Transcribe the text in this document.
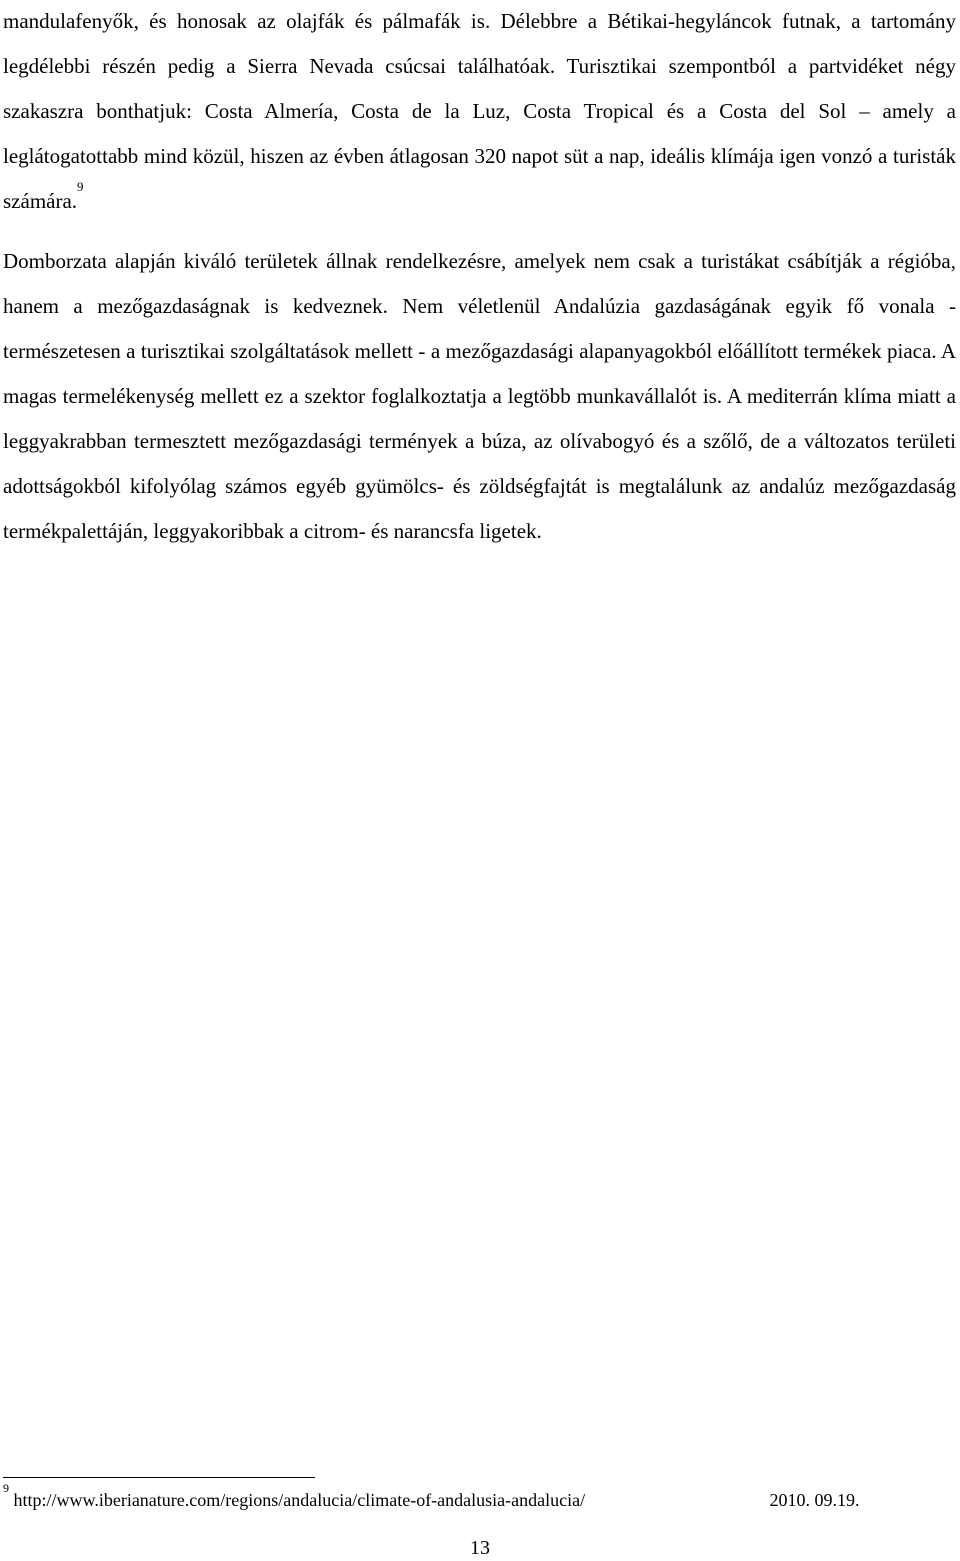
mandulafenyők, és honosak az olajfák és pálmafák is. Délebbre a Bétikai-hegyláncok futnak, a tartomány legdélebbi részén pedig a Sierra Nevada csúcsai találhatóak. Turisztikai szempontból a partvidéket négy szakaszra bonthatjuk: Costa Almería, Costa de la Luz, Costa Tropical és a Costa del Sol – amely a leglátogatottabb mind közül, hiszen az évben átlagosan 320 napot süt a nap, ideális klímája igen vonzó a turisták számára.$^9$

Domborzata alapján kiváló területek állnak rendelkezésre, amelyek nem csak a turistákat csábítják a régióba, hanem a mezőgazdaságnak is kedveznek. Nem véletlenül Andalúzia gazdaságának egyik fő vonala - természetesen a turisztikai szolgáltatások mellett - a mezőgazdasági alapanyagokból előállított termékek piaca. A magas termelékenység mellett ez a szektor foglalkoztatja a legtöbb munkavállalót is. A mediterrán klíma miatt a leggyakrabban termesztett mezőgazdasági termények a búza, az olívabogyó és a szőlő, de a változatos területi adottságokból kifolyólag számos egyéb gyümölcs- és zöldségfajtát is megtalálunk az andalúz mezőgazdaság termékpalettáján, leggyakoribbak a citrom- és narancsfa ligetek.

$^9$ http://www.iberianature.com/regions/andalucia/climate-of-andalusia-andalucia/	2010. 09.19.
13
